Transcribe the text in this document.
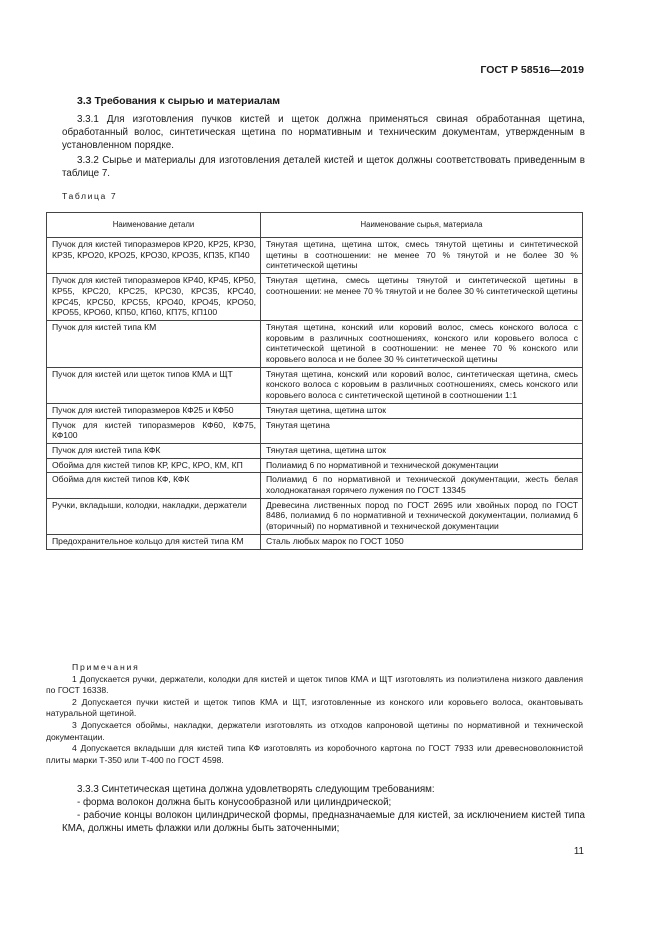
ГОСТ Р 58516—2019
3.3 Требования к сырью и материалам

3.3.1 Для изготовления пучков кистей и щеток должна применяться свиная обработанная щетина, обработанный волос, синтетическая щетина по нормативным и техническим документам, утвержденным в установленном порядке.

3.3.2 Сырье и материалы для изготовления деталей кистей и щеток должны соответствовать приведенным в таблице 7.

Таблица 7
Наименование детали	Наименование сырья, материала
Пучок для кистей типоразмеров КР20, КР25, КР30, КР35, КРО20, КРО25, КРО30, КРО35, КП35, КП40	Тянутая щетина, щетина шток, смесь тянутой щетины и синтетической щетины в соотношении: не менее 70 % тянутой и не более 30 % синтетической щетины
Пучок для кистей типоразмеров КР40, КР45, КР50, КР55, КРС20, КРС25, КРС30, КРС35, КРС40, КРС45, КРС50, КРС55, КРО40, КРО45, КРО50, КРО55, КРО60, КП50, КП60, КП75, КП100	Тянутая щетина, смесь щетины тянутой и синтетической щетины в соотношении: не менее 70 % тянутой и не более 30 % синтетической щетины
Пучок для кистей типа КМ	Тянутая щетина, конский или коровий волос, смесь конского волоса с коровьим в различных соотношениях, конского или коровьего волоса с синтетической щетиной в соотношении: не менее 70 % конского или коровьего волоса и не более 30 % синтетической щетины
Пучок для кистей или щеток типов КМА и ЩТ	Тянутая щетина, конский или коровий волос, синтетическая щетина, смесь конского волоса с коровьим в различных соотношениях, смесь конского или коровьего волоса с синтетической щетиной в соотношении 1:1
Пучок для кистей типоразмеров КФ25 и КФ50	Тянутая щетина, щетина шток
Пучок для кистей типоразмеров КФ60, КФ75, КФ100	Тянутая щетина
Пучок для кистей типа КФК	Тянутая щетина, щетина шток
Обойма для кистей типов КР, КРС, КРО, КМ, КП	Полиамид 6 по нормативной и технической документации
Обойма для кистей типов КФ, КФК	Полиамид 6 по нормативной и технической документации, жесть белая холоднокатаная горячего лужения по ГОСТ 13345
Ручки, вкладыши, колодки, накладки, держатели	Древесина лиственных пород по ГОСТ 2695 или хвойных пород по ГОСТ 8486, полиамид 6 по нормативной и технической документации, полиамид 6 (вторичный) по нормативной и технической документации
Предохранительное кольцо для кистей типа КМ	Сталь любых марок по ГОСТ 1050
Примечания

1 Допускается ручки, держатели, колодки для кистей и щеток типов КМА и ЩТ изготовлять из полиэтилена низкого давления по ГОСТ 16338.

2 Допускается пучки кистей и щеток типов КМА и ЩТ, изготовленные из конского или коровьего волоса, окантовывать натуральной щетиной.

3 Допускается обоймы, накладки, держатели изготовлять из отходов капроновой щетины по нормативной и технической документации.

4 Допускается вкладыши для кистей типа КФ изготовлять из коробочного картона по ГОСТ 7933 или древесноволокнистой плиты марки Т-350 или Т-400 по ГОСТ 4598.

3.3.3 Синтетическая щетина должна удовлетворять следующим требованиям:

- форма волокон должна быть конусообразной или цилиндрической;

- рабочие концы волокон цилиндрической формы, предназначаемые для кистей, за исключением кистей типа КМА, должны иметь флажки или должны быть заточенными;

11
